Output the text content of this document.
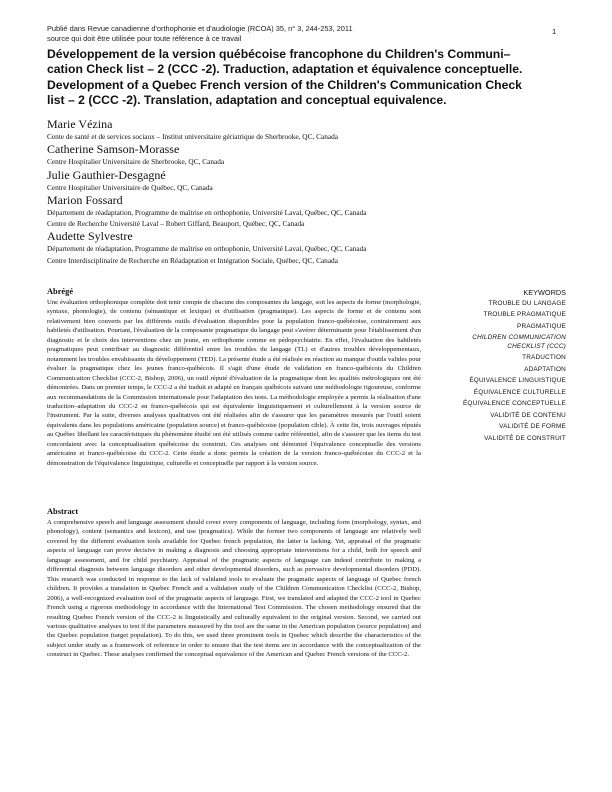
Publié dans Revue canadienne d'orthophonie et d'audiologie (RCOA) 35, n° 3, 244-253, 2011
source qui doit être utilisée pour toute référence à ce travail
1
Développement de la version québécoise francophone du Children's Communi–
cation Check list – 2 (CCC -2). Traduction, adaptation et équivalence conceptuelle.
Development of a Quebec French version of the Children's Communication Check
list – 2 (CCC -2). Translation, adaptation and conceptual equivalence.
Marie Vézina
Cente de santé et de services sociaux – Institut universitaire gériatrique de Sherbrooke, QC, Canada
Catherine Samson-Morasse
Centre Hospitalier Universitaire de Sherbrooke, QC, Canada
Julie Gauthier-Desgagné
Centre Hospitalier Universitaire de Québec, QC, Canada
Marion Fossard
Département de réadaptation, Programme de maîtrise en orthophonie, Université Laval, Québec, QC, Canada
Centre de Recherche Université Laval – Robert Giffard, Beauport, Québec, QC, Canada
Audette Sylvestre
Département de réadaptation, Programme de maîtrise en orthophonie, Université Laval, Québec, QC, Canada
Centre Interdisciplinaire de Recherche en Réadaptation et Intégration Sociale, Québec, QC, Canada
Abrégé
Une évaluation orthophonique complète doit tenir compte de chacune des composantes du langage, soit les aspects de forme (morphologie, syntaxe, phonologie), de contenu (sémantique et lexique) et d'utilisation (pragmatique). Les aspects de forme et de contenu sont relativement bien couverts par les différents outils d'évaluation disponibles pour la population franco-québécoise, contrairement aux habiletés d'utilisation. Pourtant, l'évaluation de la composante pragmatique du langage peut s'avérer déterminante pour l'établissement d'un diagnostic et le choix des interventions chez un jeune, en orthophonie comme en pédopsychiatrie. En effet, l'évaluation des habiletés pragmatiques peut contribuer au diagnostic différentiel entre les troubles du langage (TL) et d'autres troubles développementaux, notamment les troubles envahissants du développement (TED). La présente étude a été réalisée en réaction au manque d'outils valides pour évaluer la pragmatique chez les jeunes franco-québécois. Il s'agit d'une étude de validation en franco-québécois du Children Communication Checklist (CCC-2, Bishop, 2006), un outil réputé d'évaluation de la pragmatique dont les qualités métrologiques ont été démontrées. Dans un premier temps, le CCC-2 a été traduit et adapté en français québécois suivant une méthodologie rigoureuse, conforme aux recommandations de la Commission internationale pour l'adaptation des tests. La méthodologie employée a permis la réalisation d'une traduction–adaptation du CCC-2 en franco-québécois qui est équivalente linguistiquement et culturellement à la version source de l'instrument. Par la suite, diverses analyses qualitatives ont été réalisées afin de s'assurer que les paramètres mesurés par l'outil soient équivalents dans les populations américaine (population source) et franco-québécoise (population cible). À cette fin, trois ouvrages réputés au Québec libellant les caractéristiques du phénomène étudié ont été utilisés comme cadre référentiel, afin de s'assurer que les items du test concordaient avec la conceptualisation québécoise du construit. Ces analyses ont démontré l'équivalence conceptuelle des versions américaine et franco-québécoise du CCC-2. Cette étude a donc permis la création de la version franco-québécoise du CCC-2 et la démonstration de l'équivalence linguistique, culturelle et conceptuelle par rapport à la version source.
Abstract
A comprehensive speech and language assessment should cover every components of language, including form (morphology, syntax, and phonology), content (semantics and lexicon), and use (pragmatics). While the former two components of language are relatively well covered by the different evaluation tools available for Quebec french population, the latter is lacking. Yet, appraisal of the pragmatic aspects of language can prove decisive in making a diagnosis and choosing appropriate interventions for a child, both for speech and language assessment, and for child psychiatry. Appraisal of the pragmatic aspects of language can indeed contribute to making a differential diagnosis between language disorders and other developmental disorders, such as pervasive developmental disorders (PDD). This research was conducted in response to the lack of validated tools to evaluate the pragmatic aspects of language of Quebec french children. It provides a translation in Quebec French and a validation study of the Children Communication Checklist (CCC-2, Bishop, 2006), a well-recognized evaluation tool of the pragmatic aspects of language. First, we translated and adapted the CCC-2 tool in Quebec French using a rigorous methodology in accordance with the International Test Commission. The chosen methodology ensured that the resulting Quebec French version of the CCC-2 is linguistically and culturally equivalent to the original version. Second, we carried out various qualitative analyses to test if the parameters measured by the tool are the same in the American population (source population) and the Quebec population (target population). To do this, we used three prominent tools in Quebec which describe the characteristics of the subject under study as a framework of reference in order to ensure that the test items are in accordance with the conceptualization of the construct in Quebec. These analyses confirmed the conceptual equivalence of the American and Quebec French versions of the CCC-2.
KEYWORDS
TROUBLE DU LANGAGE
TROUBLE PRAGMATIQUE
PRAGMATIQUE
CHILDREN COMMUNICATION CHECKLIST (CCC)
TRADUCTION
ADAPTATION
ÉQUIVALENCE LINGUISTIQUE
ÉQUIVALENCE CULTURELLE
ÉQUIVALENCE CONCEPTUELLE
VALIDITÉ DE CONTENU
VALIDITÉ DE FORME
VALIDITÉ DE CONSTRUIT
